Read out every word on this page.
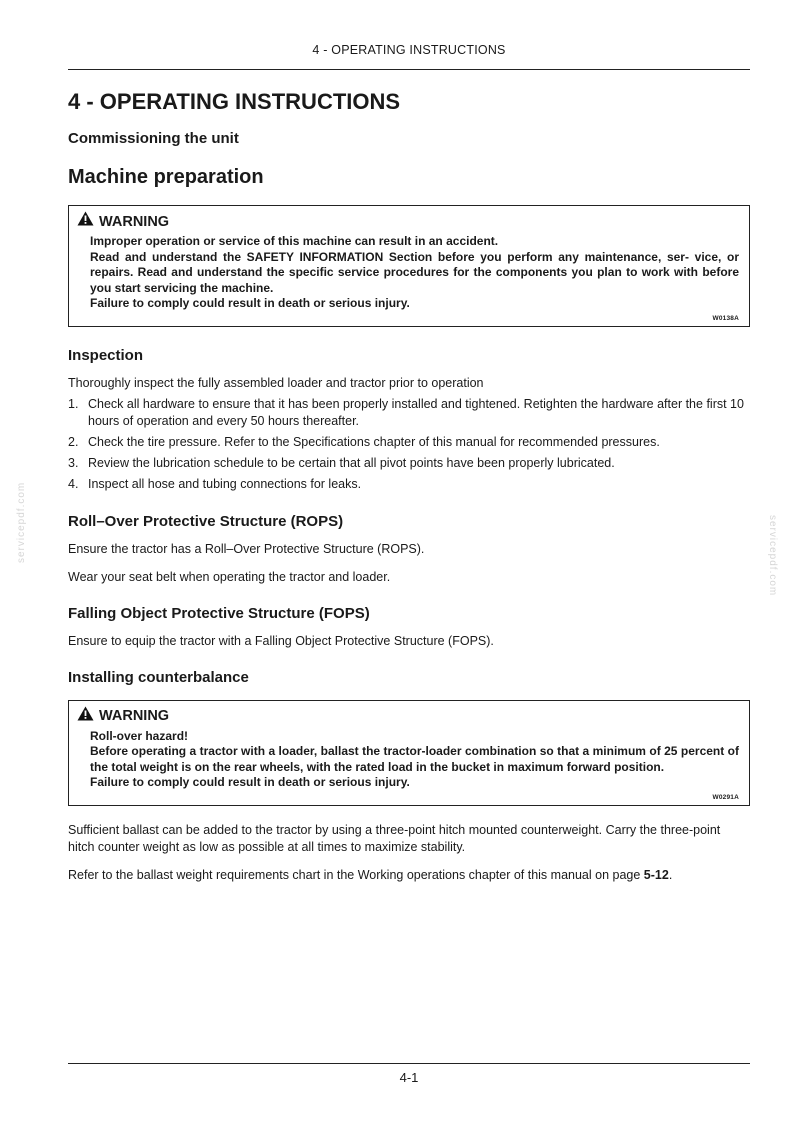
4 - OPERATING INSTRUCTIONS
servicepdf.com	servicepdf.com
4 - OPERATING INSTRUCTIONS
Commissioning the unit
Machine preparation
WARNING

Improper operation or service of this machine can result in an accident.

Read and understand the SAFETY INFORMATION Section before you perform any maintenance, ser- vice, or repairs. Read and understand the specific service procedures for the components you plan to work with before you start servicing the machine.

Failure to comply could result in death or serious injury.

W0138A
Inspection

Thoroughly inspect the fully assembled loader and tractor prior to operation

1. Check all hardware to ensure that it has been properly installed and tightened. Retighten the hardware after the first 10 hours of operation and every 50 hours thereafter.
2. Check the tire pressure. Refer to the Specifications chapter of this manual for recommended pressures.
3. Review the lubrication schedule to be certain that all pivot points have been properly lubricated.
4. Inspect all hose and tubing connections for leaks.
Roll–Over Protective Structure (ROPS)

Ensure the tractor has a Roll–Over Protective Structure (ROPS).

Wear your seat belt when operating the tractor and loader.

Falling Object Protective Structure (FOPS)

Ensure to equip the tractor with a Falling Object Protective Structure (FOPS).

Installing counterbalance
WARNING

Roll-over hazard!

Before operating a tractor with a loader, ballast the tractor-loader combination so that a minimum of 25 percent of the total weight is on the rear wheels, with the rated load in the bucket in maximum forward position.

Failure to comply could result in death or serious injury.

W0291A

Sufficient ballast can be added to the tractor by using a three-point hitch mounted counterweight. Carry the three-point hitch counter weight as low as possible at all times to maximize stability.

Refer to the ballast weight requirements chart in the Working operations chapter of this manual on page 5-12.

4-1
